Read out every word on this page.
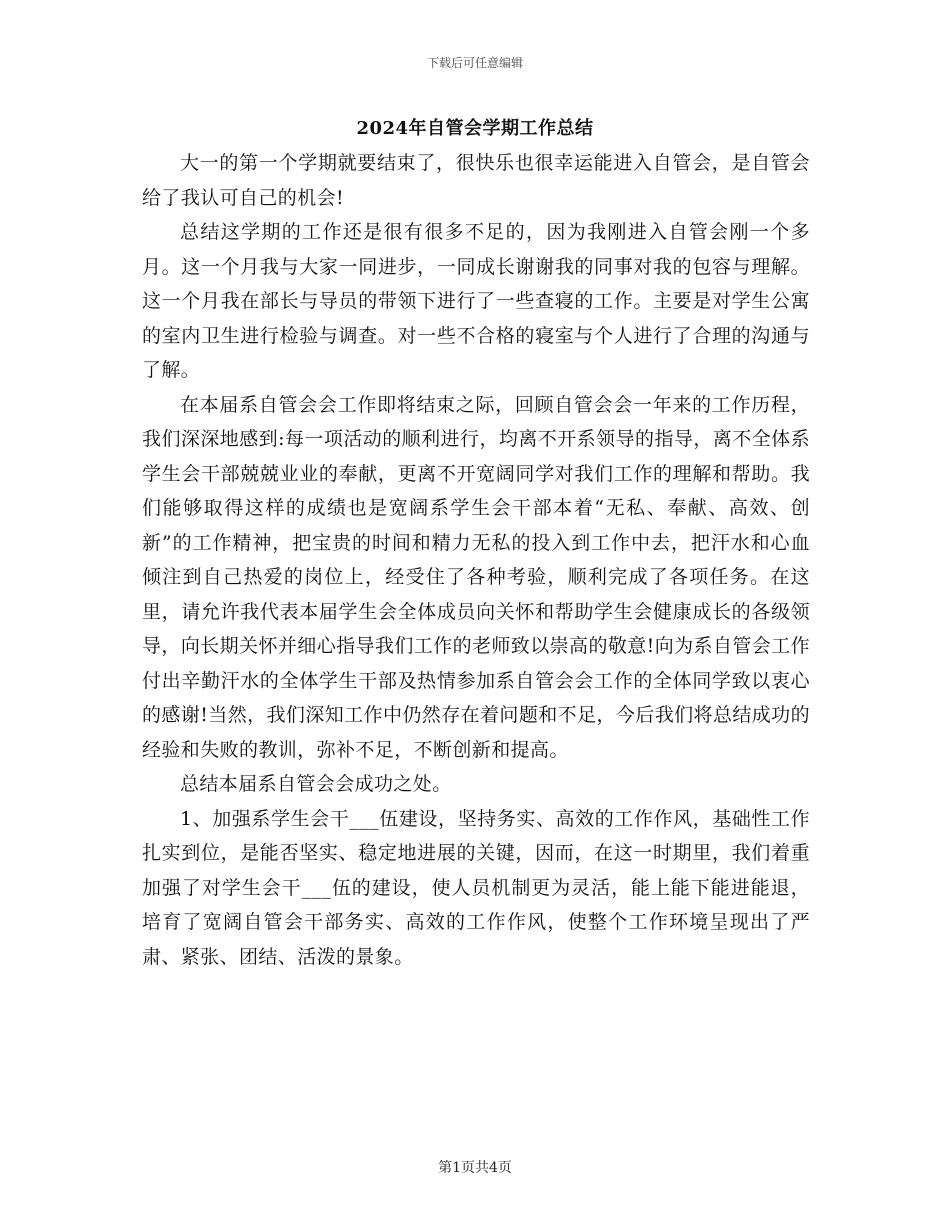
下载后可任意编辑
2024年自管会学期工作总结

大一的第一个学期就要结束了，很快乐也很幸运能进入自管会，是自管会给了我认可自己的机会!

总结这学期的工作还是很有很多不足的，因为我刚进入自管会刚一个多月。这一个月我与大家一同进步，一同成长谢谢我的同事对我的包容与理解。这一个月我在部长与导员的带领下进行了一些查寝的工作。主要是对学生公寓的室内卫生进行检验与调查。对一些不合格的寝室与个人进行了合理的沟通与了解。

在本届系自管会会工作即将结束之际，回顾自管会会一年来的工作历程，我们深深地感到:每一项活动的顺利进行，均离不开系领导的指导，离不全体系学生会干部兢兢业业的奉献，更离不开宽阔同学对我们工作的理解和帮助。我们能够取得这样的成绩也是宽阔系学生会干部本着“无私、奉献、高效、创新”的工作精神，把宝贵的时间和精力无私的投入到工作中去，把汗水和心血倾注到自己热爱的岗位上，经受住了各种考验，顺利完成了各项任务。在这里，请允许我代表本届学生会全体成员向关怀和帮助学生会健康成长的各级领导，向长期关怀并细心指导我们工作的老师致以崇高的敬意!向为系自管会工作付出辛勤汗水的全体学生干部及热情参加系自管会会工作的全体同学致以衷心的感谢!当然，我们深知工作中仍然存在着问题和不足，今后我们将总结成功的经验和失败的教训，弥补不足，不断创新和提高。

总结本届系自管会会成功之处。

1、加强系学生会干___伍建设，坚持务实、高效的工作作风，基础性工作扎实到位，是能否坚实、稳定地进展的关键，因而，在这一时期里，我们着重加强了对学生会干___伍的建设，使人员机制更为灵活，能上能下能进能退，培育了宽阔自管会干部务实、高效的工作作风，使整个工作环境呈现出了严肃、紧张、团结、活泼的景象。

第1页共4页
